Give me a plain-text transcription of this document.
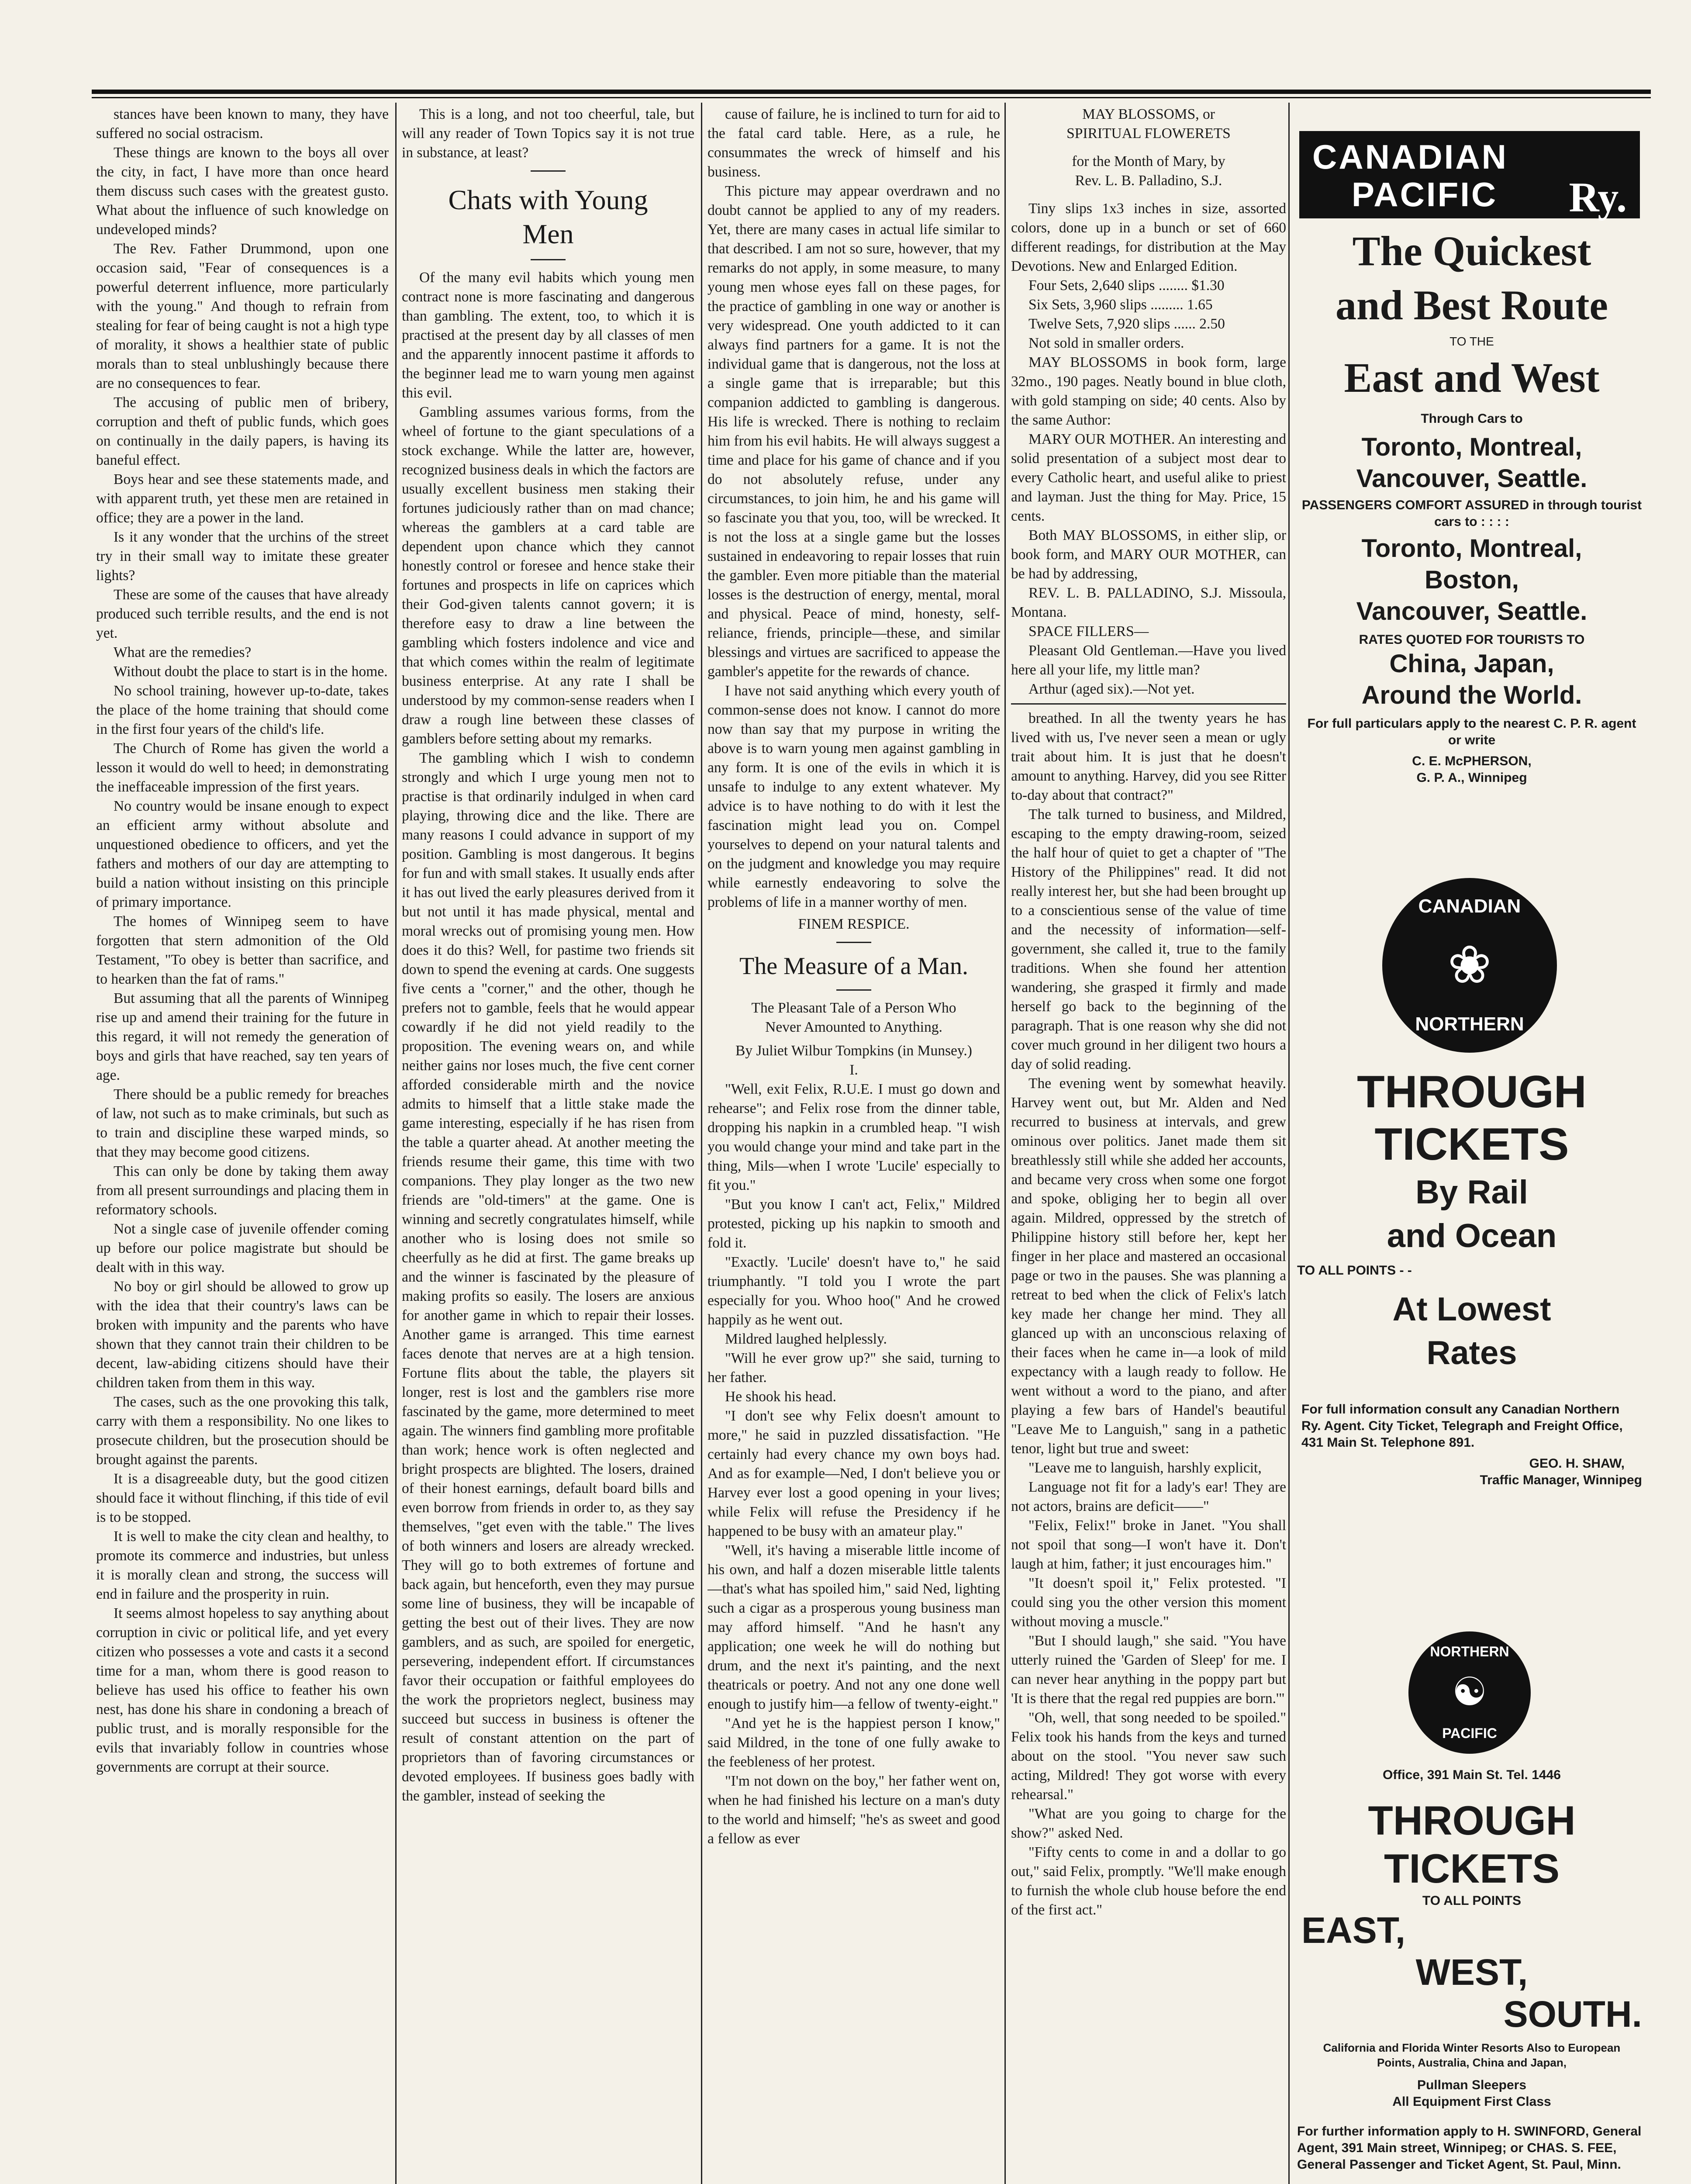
stances have been known to many, they have suffered no social ostracism.

These things are known to the boys all over the city, in fact, I have more than once heard them discuss such cases with the greatest gusto. What about the influence of such knowledge on undeveloped minds?

The Rev. Father Drummond, upon one occasion said, "Fear of consequences is a powerful deterrent influence, more particularly with the young." And though to refrain from stealing for fear of being caught is not a high type of morality, it shows a healthier state of public morals than to steal unblushingly because there are no consequences to fear.

The accusing of public men of bribery, corruption and theft of public funds, which goes on continually in the daily papers, is having its baneful effect.

Boys hear and see these statements made, and with apparent truth, yet these men are retained in office; they are a power in the land.

Is it any wonder that the urchins of the street try in their small way to imitate these greater lights?

These are some of the causes that have already produced such terrible results, and the end is not yet.

What are the remedies?

Without doubt the place to start is in the home.

No school training, however up-to-date, takes the place of the home training that should come in the first four years of the child's life.

The Church of Rome has given the world a lesson it would do well to heed; in demonstrating the ineffaceable impression of the first years.

No country would be insane enough to expect an efficient army without absolute and unquestioned obedience to officers, and yet the fathers and mothers of our day are attempting to build a nation without insisting on this principle of primary importance.

The homes of Winnipeg seem to have forgotten that stern admonition of the Old Testament, "To obey is better than sacrifice, and to hearken than the fat of rams."

But assuming that all the parents of Winnipeg rise up and amend their training for the future in this regard, it will not remedy the generation of boys and girls that have reached, say ten years of age.

There should be a public remedy for breaches of law, not such as to make criminals, but such as to train and discipline these warped minds, so that they may become good citizens.

This can only be done by taking them away from all present surroundings and placing them in reformatory schools.

Not a single case of juvenile offender coming up before our police magistrate but should be dealt with in this way.

No boy or girl should be allowed to grow up with the idea that their country's laws can be broken with impunity and the parents who have shown that they cannot train their children to be decent, law-abiding citizens should have their children taken from them in this way.

The cases, such as the one provoking this talk, carry with them a responsibility. No one likes to prosecute children, but the prosecution should be brought against the parents.

It is a disagreeable duty, but the good citizen should face it without flinching, if this tide of evil is to be stopped.

It is well to make the city clean and healthy, to promote its commerce and industries, but unless it is morally clean and strong, the success will end in failure and the prosperity in ruin.

It seems almost hopeless to say anything about corruption in civic or political life, and yet every citizen who possesses a vote and casts it a second time for a man, whom there is good reason to believe has used his office to feather his own nest, has done his share in condoning a breach of public trust, and is morally responsible for the evils that invariably follow in countries whose governments are corrupt at their source.

This is a long, and not too cheerful, tale, but will any reader of Town Topics say it is not true in substance, at least?

Chats with Young Men

Of the many evil habits which young men contract none is more fascinating and dangerous than gambling. The extent, too, to which it is practised at the present day by all classes of men and the apparently innocent pastime it affords to the beginner lead me to warn young men against this evil.

Gambling assumes various forms, from the wheel of fortune to the giant speculations of a stock exchange. While the latter are, however, recognized business deals in which the factors are usually excellent business men staking their fortunes judiciously rather than on mad chance; whereas the gamblers at a card table are dependent upon chance which they cannot honestly control or foresee and hence stake their fortunes and prospects in life on caprices which their God-given talents cannot govern; it is therefore easy to draw a line between the gambling which fosters indolence and vice and that which comes within the realm of legitimate business enterprise. At any rate I shall be understood by my common-sense readers when I draw a rough line between these classes of gamblers before setting about my remarks.

The gambling which I wish to condemn strongly and which I urge young men not to practise is that ordinarily indulged in when card playing, throwing dice and the like. There are many reasons I could advance in support of my position. Gambling is most dangerous. It begins for fun and with small stakes. It usually ends after it has out lived the early pleasures derived from it but not until it has made physical, mental and moral wrecks out of promising young men. How does it do this? Well, for pastime two friends sit down to spend the evening at cards. One suggests five cents a "corner," and the other, though he prefers not to gamble, feels that he would appear cowardly if he did not yield readily to the proposition. The evening wears on, and while neither gains nor loses much, the five cent corner afforded considerable mirth and the novice admits to himself that a little stake made the game interesting, especially if he has risen from the table a quarter ahead. At another meeting the friends resume their game, this time with two companions. They play longer as the two new friends are "old-timers" at the game. One is winning and secretly congratulates himself, while another who is losing does not smile so cheerfully as he did at first. The game breaks up and the winner is fascinated by the pleasure of making profits so easily. The losers are anxious for another game in which to repair their losses. Another game is arranged. This time earnest faces denote that nerves are at a high tension. Fortune flits about the table, the players sit longer, rest is lost and the gamblers rise more fascinated by the game, more determined to meet again. The winners find gambling more profitable than work; hence work is often neglected and bright prospects are blighted. The losers, drained of their honest earnings, default board bills and even borrow from friends in order to, as they say themselves, "get even with the table." The lives of both winners and losers are already wrecked. They will go to both extremes of fortune and back again, but henceforth, even they may pursue some line of business, they will be incapable of getting the best out of their lives. They are now gamblers, and as such, are spoiled for energetic, persevering, independent effort. If circumstances favor their occupation or faithful employees do the work the proprietors neglect, business may succeed but success in business is oftener the result of constant attention on the part of proprietors than of favoring circumstances or devoted employees. If business goes badly with the gambler, instead of seeking the

cause of failure, he is inclined to turn for aid to the fatal card table. Here, as a rule, he consummates the wreck of himself and his business.

This picture may appear overdrawn and no doubt cannot be applied to any of my readers. Yet, there are many cases in actual life similar to that described. I am not so sure, however, that my remarks do not apply, in some measure, to many young men whose eyes fall on these pages, for the practice of gambling in one way or another is very widespread. One youth addicted to it can always find partners for a game. It is not the individual game that is dangerous, not the loss at a single game that is irreparable; but this companion addicted to gambling is dangerous. His life is wrecked. There is nothing to reclaim him from his evil habits. He will always suggest a time and place for his game of chance and if you do not absolutely refuse, under any circumstances, to join him, he and his game will so fascinate you that you, too, will be wrecked. It is not the loss at a single game but the losses sustained in endeavoring to repair losses that ruin the gambler. Even more pitiable than the material losses is the destruction of energy, mental, moral and physical. Peace of mind, honesty, self-reliance, friends, principle—these, and similar blessings and virtues are sacrificed to appease the gambler's appetite for the rewards of chance.

I have not said anything which every youth of common-sense does not know. I cannot do more now than say that my purpose in writing the above is to warn young men against gambling in any form. It is one of the evils in which it is unsafe to indulge to any extent whatever. My advice is to have nothing to do with it lest the fascination might lead you on. Compel yourselves to depend on your natural talents and on the judgment and knowledge you may require while earnestly endeavoring to solve the problems of life in a manner worthy of men.

FINEM RESPICE.

The Measure of a Man.

The Pleasant Tale of a Person Who Never Amounted to Anything.

By Juliet Wilbur Tompkins (in Munsey.)

I.

"Well, exit Felix, R.U.E. I must go down and rehearse"; and Felix rose from the dinner table, dropping his napkin in a crumbled heap. "I wish you would change your mind and take part in the thing, Mils—when I wrote 'Lucile' especially to fit you."

"But you know I can't act, Felix," Mildred protested, picking up his napkin to smooth and fold it.

"Exactly. 'Lucile' doesn't have to," he said triumphantly. "I told you I wrote the part especially for you. Whoo hoo(" And he crowed happily as he went out.

Mildred laughed helplessly.

"Will he ever grow up?" she said, turning to her father.

He shook his head.

"I don't see why Felix doesn't amount to more," he said in puzzled dissatisfaction. "He certainly had every chance my own boys had. And as for example—Ned, I don't believe you or Harvey ever lost a good opening in your lives; while Felix will refuse the Presidency if he happened to be busy with an amateur play."

"Well, it's having a miserable little income of his own, and half a dozen miserable little talents—that's what has spoiled him," said Ned, lighting such a cigar as a prosperous young business man may afford himself. "And he hasn't any application; one week he will do nothing but drum, and the next it's painting, and the next theatricals or poetry. And not any one done well enough to justify him—a fellow of twenty-eight."

"And yet he is the happiest person I know," said Mildred, in the tone of one fully awake to the feebleness of her protest.

"I'm not down on the boy," her father went on, when he had finished his lecture on a man's duty to the world and himself; "he's as sweet and good a fellow as ever

MAY BLOSSOMS, or

SPIRITUAL FLOWERETS

for the Month of Mary, by

Rev. L. B. Palladino, S.J.

Tiny slips 1x3 inches in size, assorted colors, done up in a bunch or set of 660 different readings, for distribution at the May Devotions. New and Enlarged Edition.

Four Sets, 2,640 slips ........ $1.30

Six Sets, 3,960 slips ......... 1.65

Twelve Sets, 7,920 slips ...... 2.50

Not sold in smaller orders.

MAY BLOSSOMS in book form, large 32mo., 190 pages. Neatly bound in blue cloth, with gold stamping on side; 40 cents. Also by the same Author:

MARY OUR MOTHER. An interesting and solid presentation of a subject most dear to every Catholic heart, and useful alike to priest and layman. Just the thing for May. Price, 15 cents.

Both MAY BLOSSOMS, in either slip, or book form, and MARY OUR MOTHER, can be had by addressing,

REV. L. B. PALLADINO, S.J. Missoula, Montana.

SPACE FILLERS—

Pleasant Old Gentleman.—Have you lived here all your life, my little man?

Arthur (aged six).—Not yet.

breathed. In all the twenty years he has lived with us, I've never seen a mean or ugly trait about him. It is just that he doesn't amount to anything. Harvey, did you see Ritter to-day about that contract?"

The talk turned to business, and Mildred, escaping to the empty drawing-room, seized the half hour of quiet to get a chapter of "The History of the Philippines" read. It did not really interest her, but she had been brought up to a conscientious sense of the value of time and the necessity of information—self-government, she called it, true to the family traditions. When she found her attention wandering, she grasped it firmly and made herself go back to the beginning of the paragraph. That is one reason why she did not cover much ground in her diligent two hours a day of solid reading.

The evening went by somewhat heavily. Harvey went out, but Mr. Alden and Ned recurred to business at intervals, and grew ominous over politics. Janet made them sit breathlessly still while she added her accounts, and became very cross when some one forgot and spoke, obliging her to begin all over again. Mildred, oppressed by the stretch of Philippine history still before her, kept her finger in her place and mastered an occasional page or two in the pauses. She was planning a retreat to bed when the click of Felix's latch key made her change her mind. They all glanced up with an unconscious relaxing of their faces when he came in—a look of mild expectancy with a laugh ready to follow. He went without a word to the piano, and after playing a few bars of Handel's beautiful "Leave Me to Languish," sang in a pathetic tenor, light but true and sweet:

"Leave me to languish, harshly explicit,

Language not fit for a lady's ear! They are not actors, brains are deficit——"

"Felix, Felix!" broke in Janet. "You shall not spoil that song—I won't have it. Don't laugh at him, father; it just encourages him."

"It doesn't spoil it," Felix protested. "I could sing you the other version this moment without moving a muscle."

"But I should laugh," she said. "You have utterly ruined the 'Garden of Sleep' for me. I can never hear anything in the poppy part but 'It is there that the regal red puppies are born.'"

"Oh, well, that song needed to be spoiled." Felix took his hands from the keys and turned about on the stool. "You never saw such acting, Mildred! They got worse with every rehearsal."

"What are you going to charge for the show?" asked Ned.

"Fifty cents to come in and a dollar to go out," said Felix, promptly. "We'll make enough to furnish the whole club house before the end of the first act."

CANADIAN
PACIFIC Ry.
The Quickest
and Best Route
TO THE
East and West
Through Cars to
Toronto, Montreal,
Vancouver, Seattle.
PASSENGERS COMFORT ASSURED in through tourist cars to : : : :
Toronto, Montreal,
Boston,
Vancouver, Seattle.
RATES QUOTED FOR TOURISTS TO
China, Japan,
Around the World.
For full particulars apply to the nearest C. P. R. agent or write
C. E. McPHERSON,
G. P. A., Winnipeg
CANADIAN
❀
NORTHERN
THROUGH
TICKETS
By Rail
and Ocean
TO ALL POINTS - -
At Lowest
Rates
For full information consult any Canadian Northern Ry. Agent. City Ticket, Telegraph and Freight Office, 431 Main St. Telephone 891.
GEO. H. SHAW,
Traffic Manager, Winnipeg
NORTHERN
☯
PACIFIC
Office, 391 Main St. Tel. 1446
THROUGH
TICKETS
TO ALL POINTS
EAST,
WEST,
SOUTH.
California and Florida Winter Resorts Also to European Points, Australia, China and Japan,
Pullman Sleepers
All Equipment First Class
For further information apply to H. SWINFORD, General Agent, 391 Main street, Winnipeg; or CHAS. S. FEE, General Passenger and Ticket Agent, St. Paul, Minn.
